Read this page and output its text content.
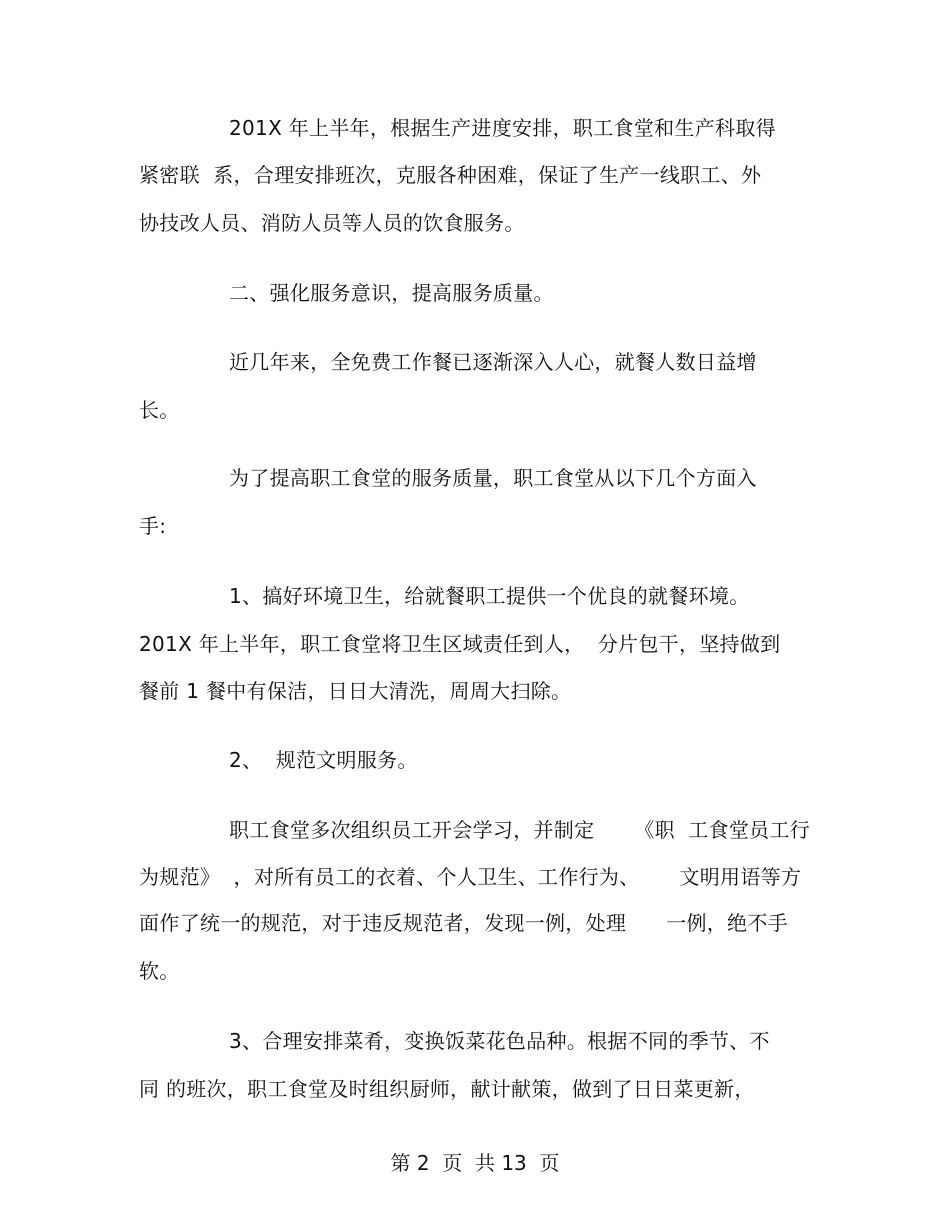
201X 年上半年，根据生产进度安排，职工食堂和生产科取得
紧密联  系，合理安排班次，克服各种困难，保证了生产一线职工、外
协技改人员、消防人员等人员的饮食服务。
二、强化服务意识，提高服务质量。
近几年来，全免费工作餐已逐渐深入人心，就餐人数日益增
长。
为了提高职工食堂的服务质量，职工食堂从以下几个方面入
手:
1、搞好环境卫生，给就餐职工提供一个优良的就餐环境。
201X 年上半年，职工食堂将卫生区域责任到人，  分片包干，坚持做到
餐前 1 餐中有保洁，日日大清洗，周周大扫除。
2、  规范文明服务。
职工食堂多次组织员工开会学习，并制定      《职  工食堂员工行
为规范》  ，对所有员工的衣着、个人卫生、工作行为、      文明用语等方
面作了统一的规范，对于违反规范者，发现一例，处理      一例，绝不手
软。
3、合理安排菜肴，变换饭菜花色品种。根据不同的季节、不
同 的班次，职工食堂及时组织厨师，献计献策，做到了日日菜更新，
第 2  页  共 13  页
